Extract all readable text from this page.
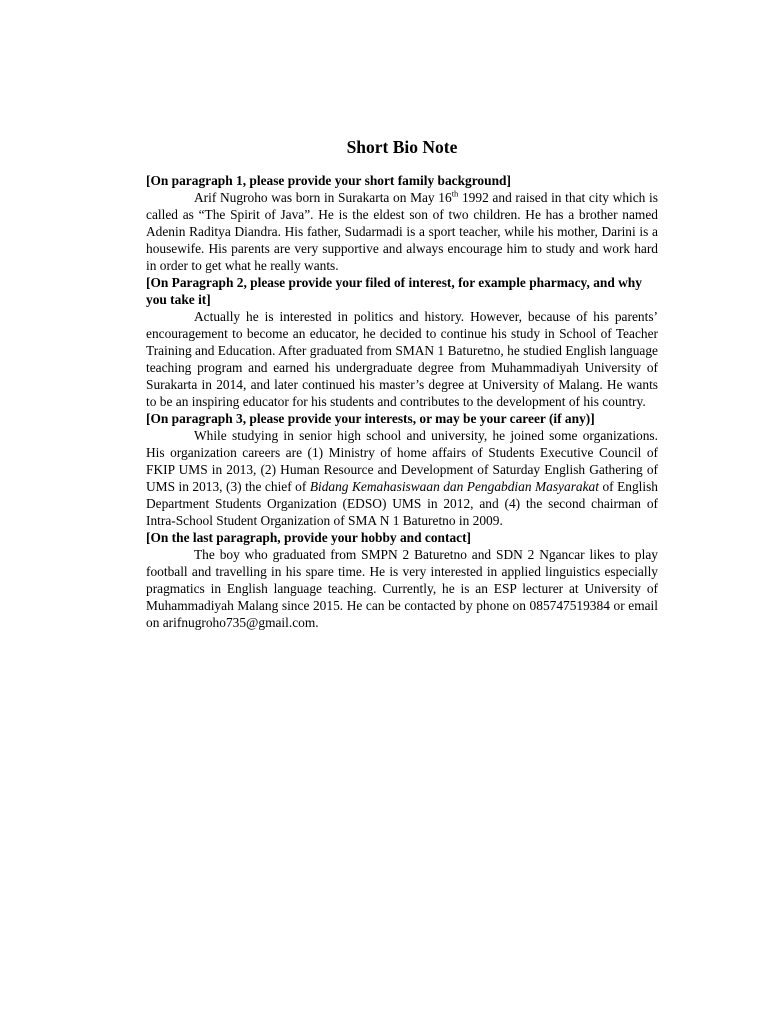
Short Bio Note

[On paragraph 1, please provide your short family background]

Arif Nugroho was born in Surakarta on May 16th 1992 and raised in that city which is called as “The Spirit of Java”. He is the eldest son of two children. He has a brother named Adenin Raditya Diandra. His father, Sudarmadi is a sport teacher, while his mother, Darini is a housewife. His parents are very supportive and always encourage him to study and work hard in order to get what he really wants.

[On Paragraph 2, please provide your filed of interest, for example pharmacy, and why you take it]

Actually he is interested in politics and history. However, because of his parents’ encouragement to become an educator, he decided to continue his study in School of Teacher Training and Education. After graduated from SMAN 1 Baturetno, he studied English language teaching program and earned his undergraduate degree from Muhammadiyah University of Surakarta in 2014, and later continued his master’s degree at University of Malang. He wants to be an inspiring educator for his students and contributes to the development of his country.

[On paragraph 3, please provide your interests, or may be your career (if any)]

While studying in senior high school and university, he joined some organizations. His organization careers are (1) Ministry of home affairs of Students Executive Council of FKIP UMS in 2013, (2) Human Resource and Development of Saturday English Gathering of UMS in 2013, (3) the chief of Bidang Kemahasiswaan dan Pengabdian Masyarakat of English Department Students Organization (EDSO) UMS in 2012, and (4) the second chairman of Intra-School Student Organization of SMA N 1 Baturetno in 2009.

[On the last paragraph, provide your hobby and contact]

The boy who graduated from SMPN 2 Baturetno and SDN 2 Ngancar likes to play football and travelling in his spare time. He is very interested in applied linguistics especially pragmatics in English language teaching. Currently, he is an ESP lecturer at University of Muhammadiyah Malang since 2015. He can be contacted by phone on 085747519384 or email on arifnugroho735@gmail.com.
